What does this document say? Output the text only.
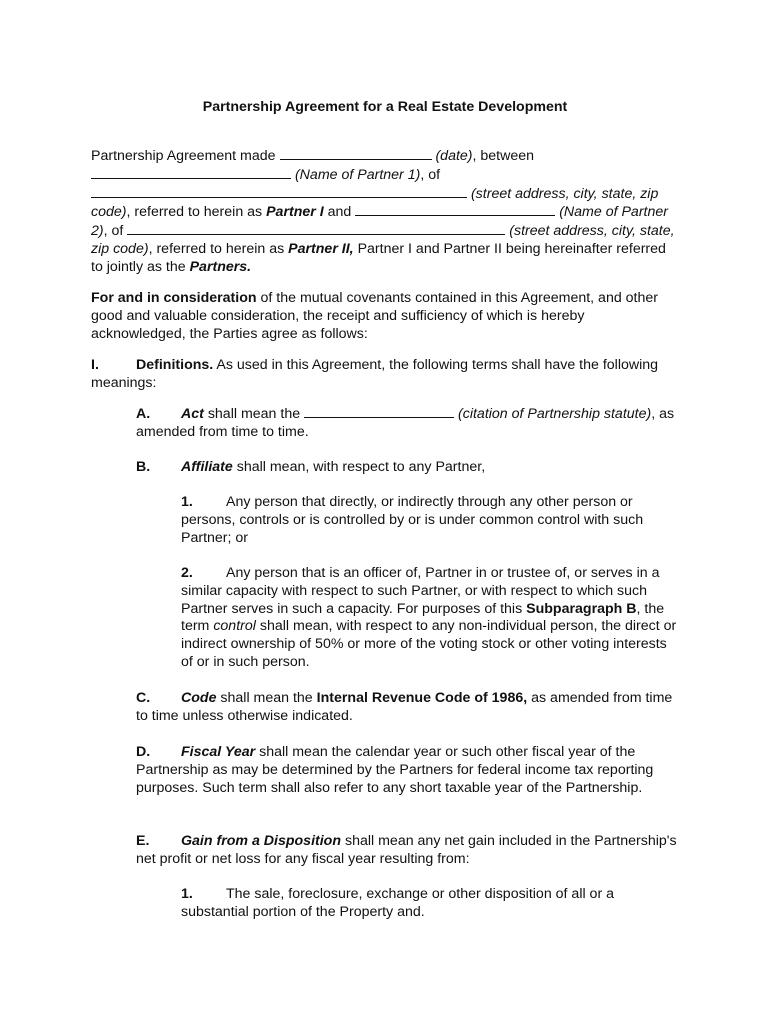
Partnership Agreement for a Real Estate Development

Partnership Agreement made	(date), between  (Name of Partner 1), of  (street address, city, state, zip code), referred to herein as Partner I and	(Name of Partner 2), of	(street address, city, state, zip code), referred to herein as Partner II, Partner I and Partner II being hereinafter referred to jointly as the Partners.

For and in consideration of the mutual covenants contained in this Agreement, and other good and valuable consideration, the receipt and sufficiency of which is hereby acknowledged, the Parties agree as follows:

I.	Definitions. As used in this Agreement, the following terms shall have the following meanings:

A. Act shall mean the	(citation of Partnership statute), as amended from time to time.

B. Affiliate shall mean, with respect to any Partner,

1. Any person that directly, or indirectly through any other person or persons, controls or is controlled by or is under common control with such Partner; or

2. Any person that is an officer of, Partner in or trustee of, or serves in a similar capacity with respect to such Partner, or with respect to which such Partner serves in such a capacity. For purposes of this Subparagraph B, the term control shall mean, with respect to any non-individual person, the direct or indirect ownership of 50% or more of the voting stock or other voting interests of or in such person.

C. Code shall mean the Internal Revenue Code of 1986, as amended from time to time unless otherwise indicated.

D. Fiscal Year shall mean the calendar year or such other fiscal year of the Partnership as may be determined by the Partners for federal income tax reporting purposes. Such term shall also refer to any short taxable year of the Partnership.

E. Gain from a Disposition shall mean any net gain included in the Partnership's net profit or net loss for any fiscal year resulting from:

1. The sale, foreclosure, exchange or other disposition of all or a substantial portion of the Property and.
